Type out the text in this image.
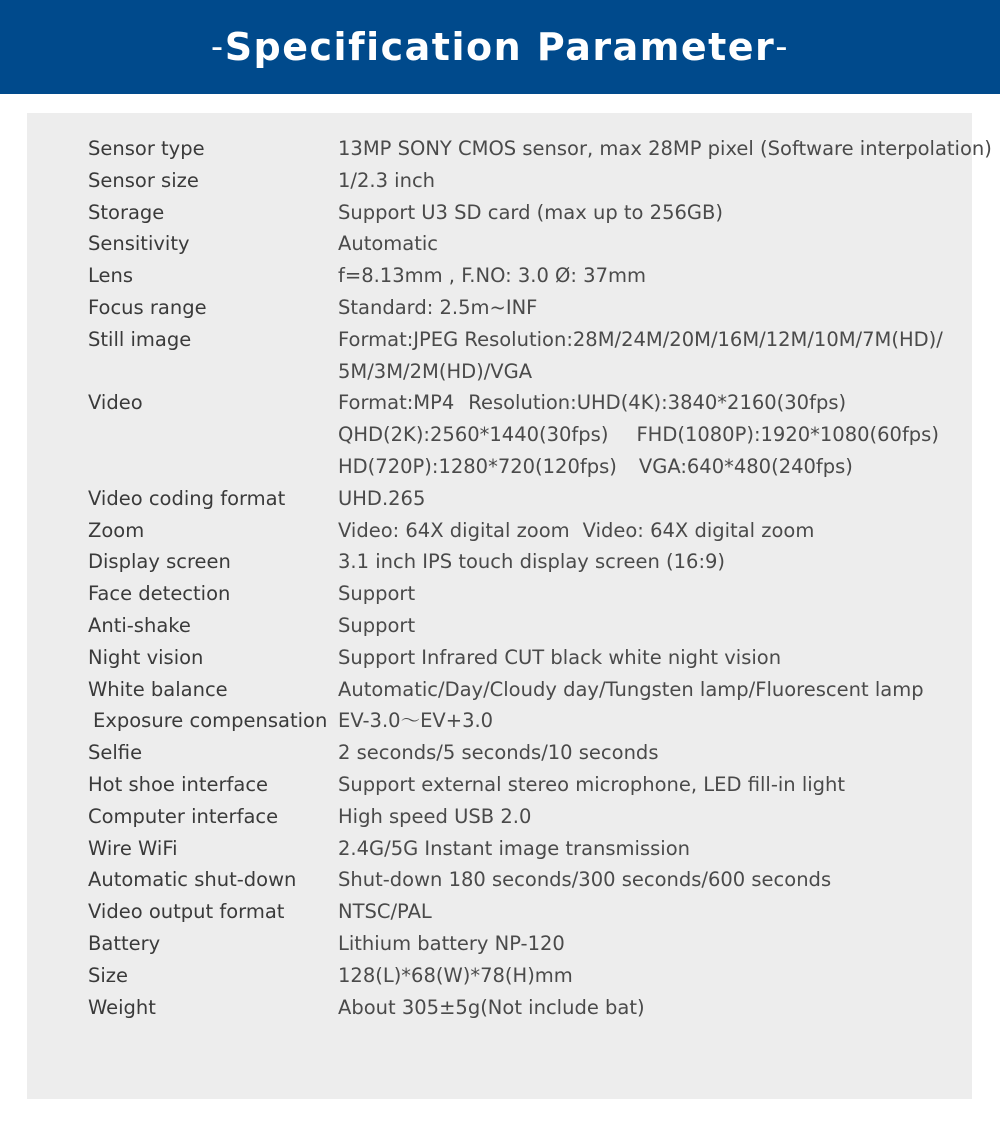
- Specification Parameter -
Sensor type	13MP SONY CMOS sensor, max 28MP pixel (Software interpolation)
Sensor size	1/2.3 inch
Storage	Support U3 SD card (max up to 256GB)
Sensitivity	Automatic
Lens	f=8.13mm , F.NO: 3.0 Ø: 37mm
Focus range	Standard: 2.5m~INF
Still image	Format:JPEG Resolution:28M/24M/20M/16M/12M/10M/7M(HD)/
5M/3M/2M(HD)/VGA
Video	Format:MP4 Resolution:UHD(4K):3840*2160(30fps)
QHD(2K):2560*1440(30fps) FHD(1080P):1920*1080(60fps)
HD(720P):1280*720(120fps) VGA:640*480(240fps)
Video coding format	UHD.265
Zoom	Video: 64X digital zoom Video: 64X digital zoom
Display screen	3.1 inch IPS touch display screen (16:9)
Face detection	Support
Anti-shake	Support
Night vision	Support Infrared CUT black white night vision
White balance	Automatic/Day/Cloudy day/Tungsten lamp/Fluorescent lamp
Exposure compensation EV-3.0～EV+3.0
Selfie	2 seconds/5 seconds/10 seconds
Hot shoe interface	Support external stereo microphone, LED fill-in light
Computer interface	High speed USB 2.0
Wire WiFi	2.4G/5G Instant image transmission
Automatic shut-down	Shut-down 180 seconds/300 seconds/600 seconds
Video output format	NTSC/PAL
Battery	Lithium battery NP-120
Size	128(L)*68(W)*78(H)mm
Weight	About 305±5g(Not include bat)
